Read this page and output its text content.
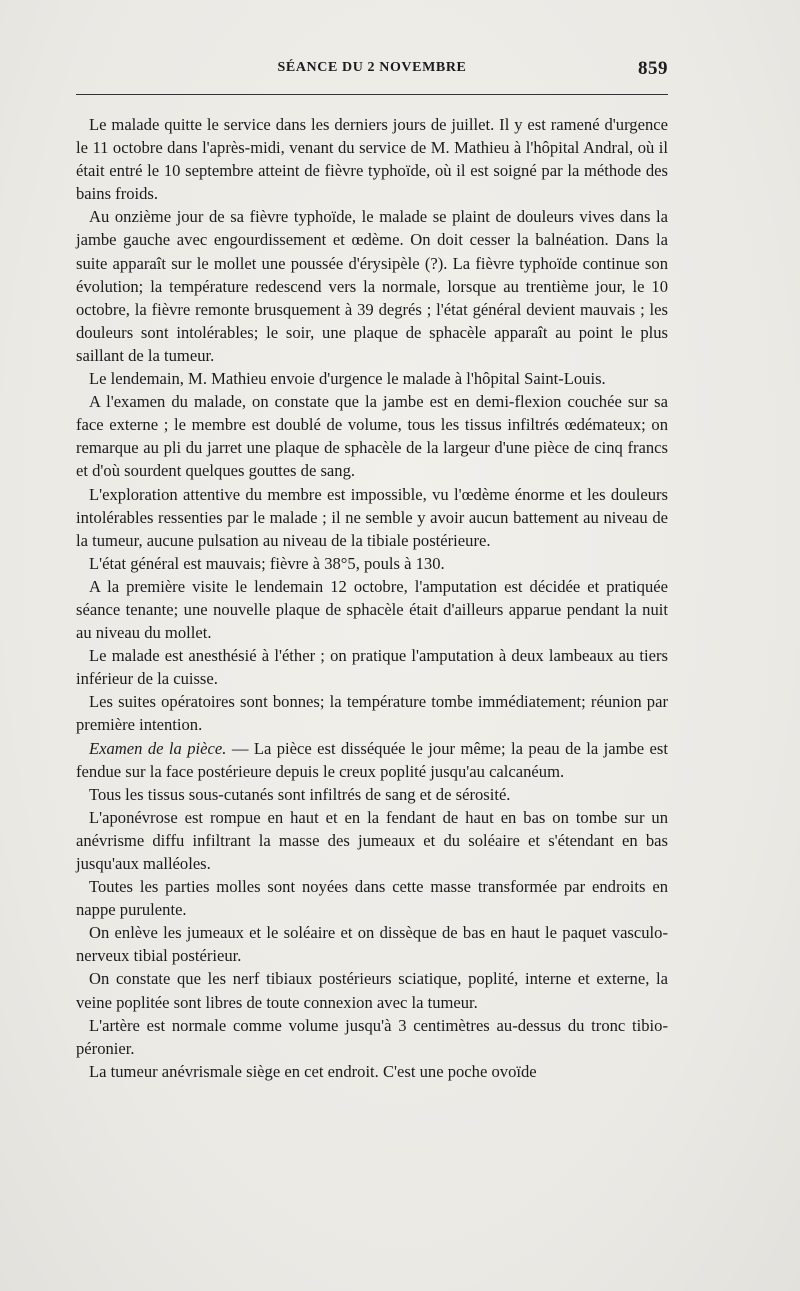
SÉANCE DU 2 NOVEMBRE	859

Le malade quitte le service dans les derniers jours de juillet. Il y est ramené d'urgence le 11 octobre dans l'après-midi, venant du service de M. Mathieu à l'hôpital Andral, où il était entré le 10 septembre atteint de fièvre typhoïde, où il est soigné par la méthode des bains froids.

Au onzième jour de sa fièvre typhoïde, le malade se plaint de douleurs vives dans la jambe gauche avec engourdissement et œdème. On doit cesser la balnéation. Dans la suite apparaît sur le mollet une poussée d'érysipèle (?). La fièvre typhoïde continue son évolution; la température redescend vers la normale, lorsque au trentième jour, le 10 octobre, la fièvre remonte brusquement à 39 degrés ; l'état général devient mauvais ; les douleurs sont intolérables; le soir, une plaque de sphacèle apparaît au point le plus saillant de la tumeur.

Le lendemain, M. Mathieu envoie d'urgence le malade à l'hôpital Saint-Louis.

A l'examen du malade, on constate que la jambe est en demi-flexion couchée sur sa face externe ; le membre est doublé de volume, tous les tissus infiltrés œdémateux; on remarque au pli du jarret une plaque de sphacèle de la largeur d'une pièce de cinq francs et d'où sourdent quelques gouttes de sang.

L'exploration attentive du membre est impossible, vu l'œdème énorme et les douleurs intolérables ressenties par le malade ; il ne semble y avoir aucun battement au niveau de la tumeur, aucune pulsation au niveau de la tibiale postérieure.

L'état général est mauvais; fièvre à 38°5, pouls à 130.

A la première visite le lendemain 12 octobre, l'amputation est décidée et pratiquée séance tenante; une nouvelle plaque de sphacèle était d'ailleurs apparue pendant la nuit au niveau du mollet.

Le malade est anesthésié à l'éther ; on pratique l'amputation à deux lambeaux au tiers inférieur de la cuisse.

Les suites opératoires sont bonnes; la température tombe immédiatement; réunion par première intention.

Examen de la pièce. — La pièce est disséquée le jour même; la peau de la jambe est fendue sur la face postérieure depuis le creux poplité jusqu'au calcanéum.

Tous les tissus sous-cutanés sont infiltrés de sang et de sérosité.

L'aponévrose est rompue en haut et en la fendant de haut en bas on tombe sur un anévrisme diffu infiltrant la masse des jumeaux et du soléaire et s'étendant en bas jusqu'aux malléoles.

Toutes les parties molles sont noyées dans cette masse transformée par endroits en nappe purulente.

On enlève les jumeaux et le soléaire et on dissèque de bas en haut le paquet vasculo-nerveux tibial postérieur.

On constate que les nerf tibiaux postérieurs sciatique, poplité, interne et externe, la veine poplitée sont libres de toute connexion avec la tumeur.

L'artère est normale comme volume jusqu'à 3 centimètres au-dessus du tronc tibio-péronier.

La tumeur anévrismale siège en cet endroit. C'est une poche ovoïde
